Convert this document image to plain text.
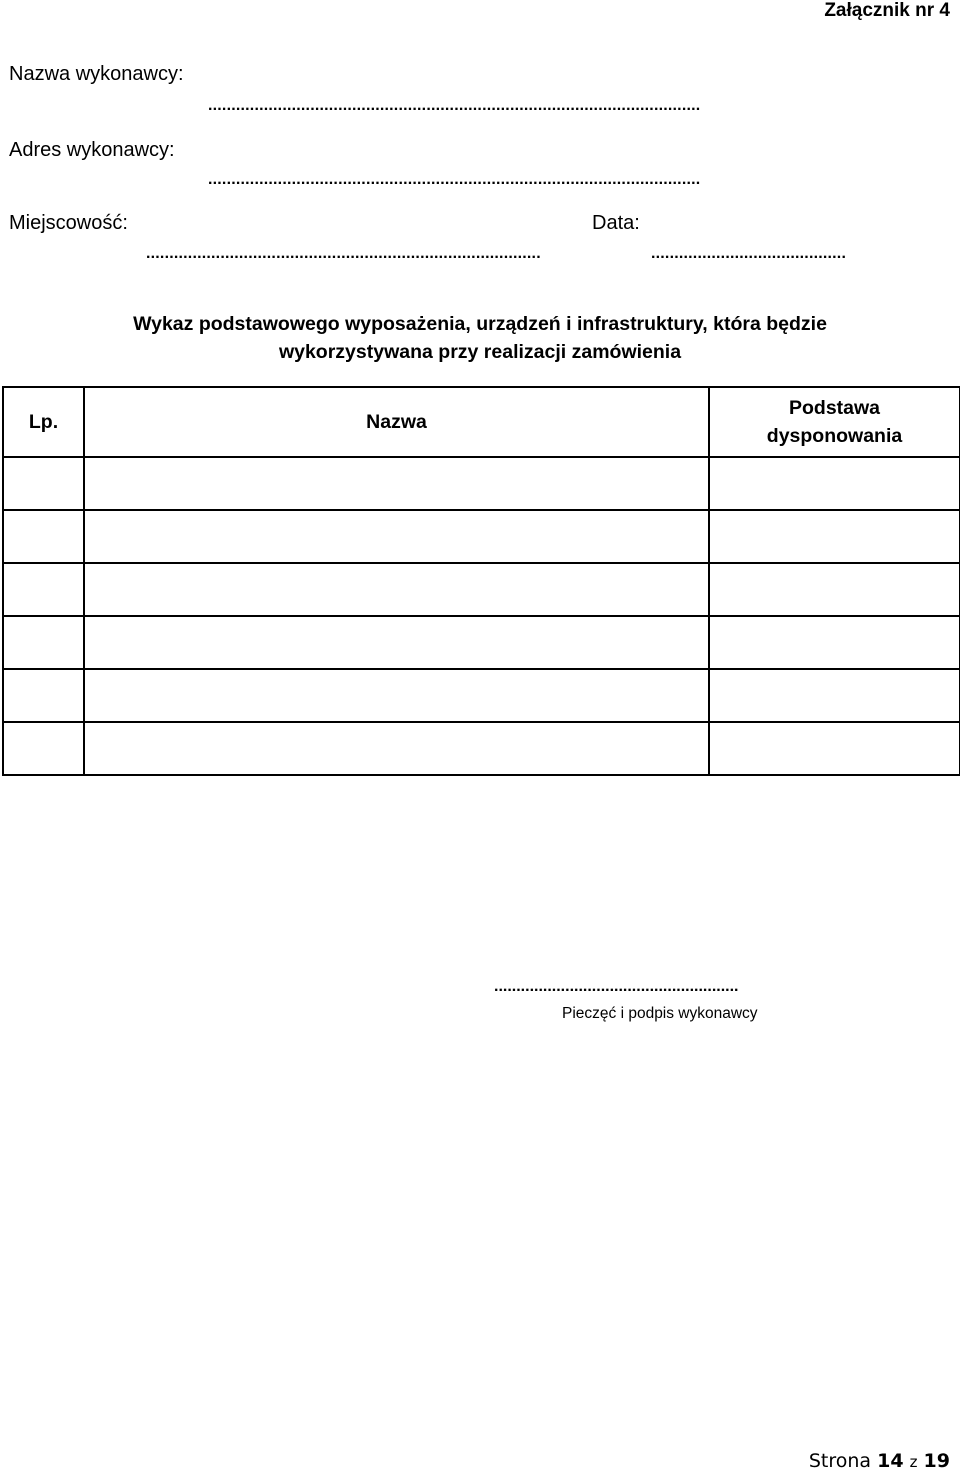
Załącznik nr 4
Nazwa wykonawcy:
..........................................................................................................
Adres wykonawcy:
..........................................................................................................
Miejscowość:	Data:
.....................................................................................	..........................................
Wykaz podstawowego wyposażenia, urządzeń i infrastruktury, która będzie
wykorzystywana przy realizacji zamówienia
Lp.	Nazwa	Podstawa dysponowania

.......................................................
Pieczęć i podpis wykonawcy
Strona 14 z 19
